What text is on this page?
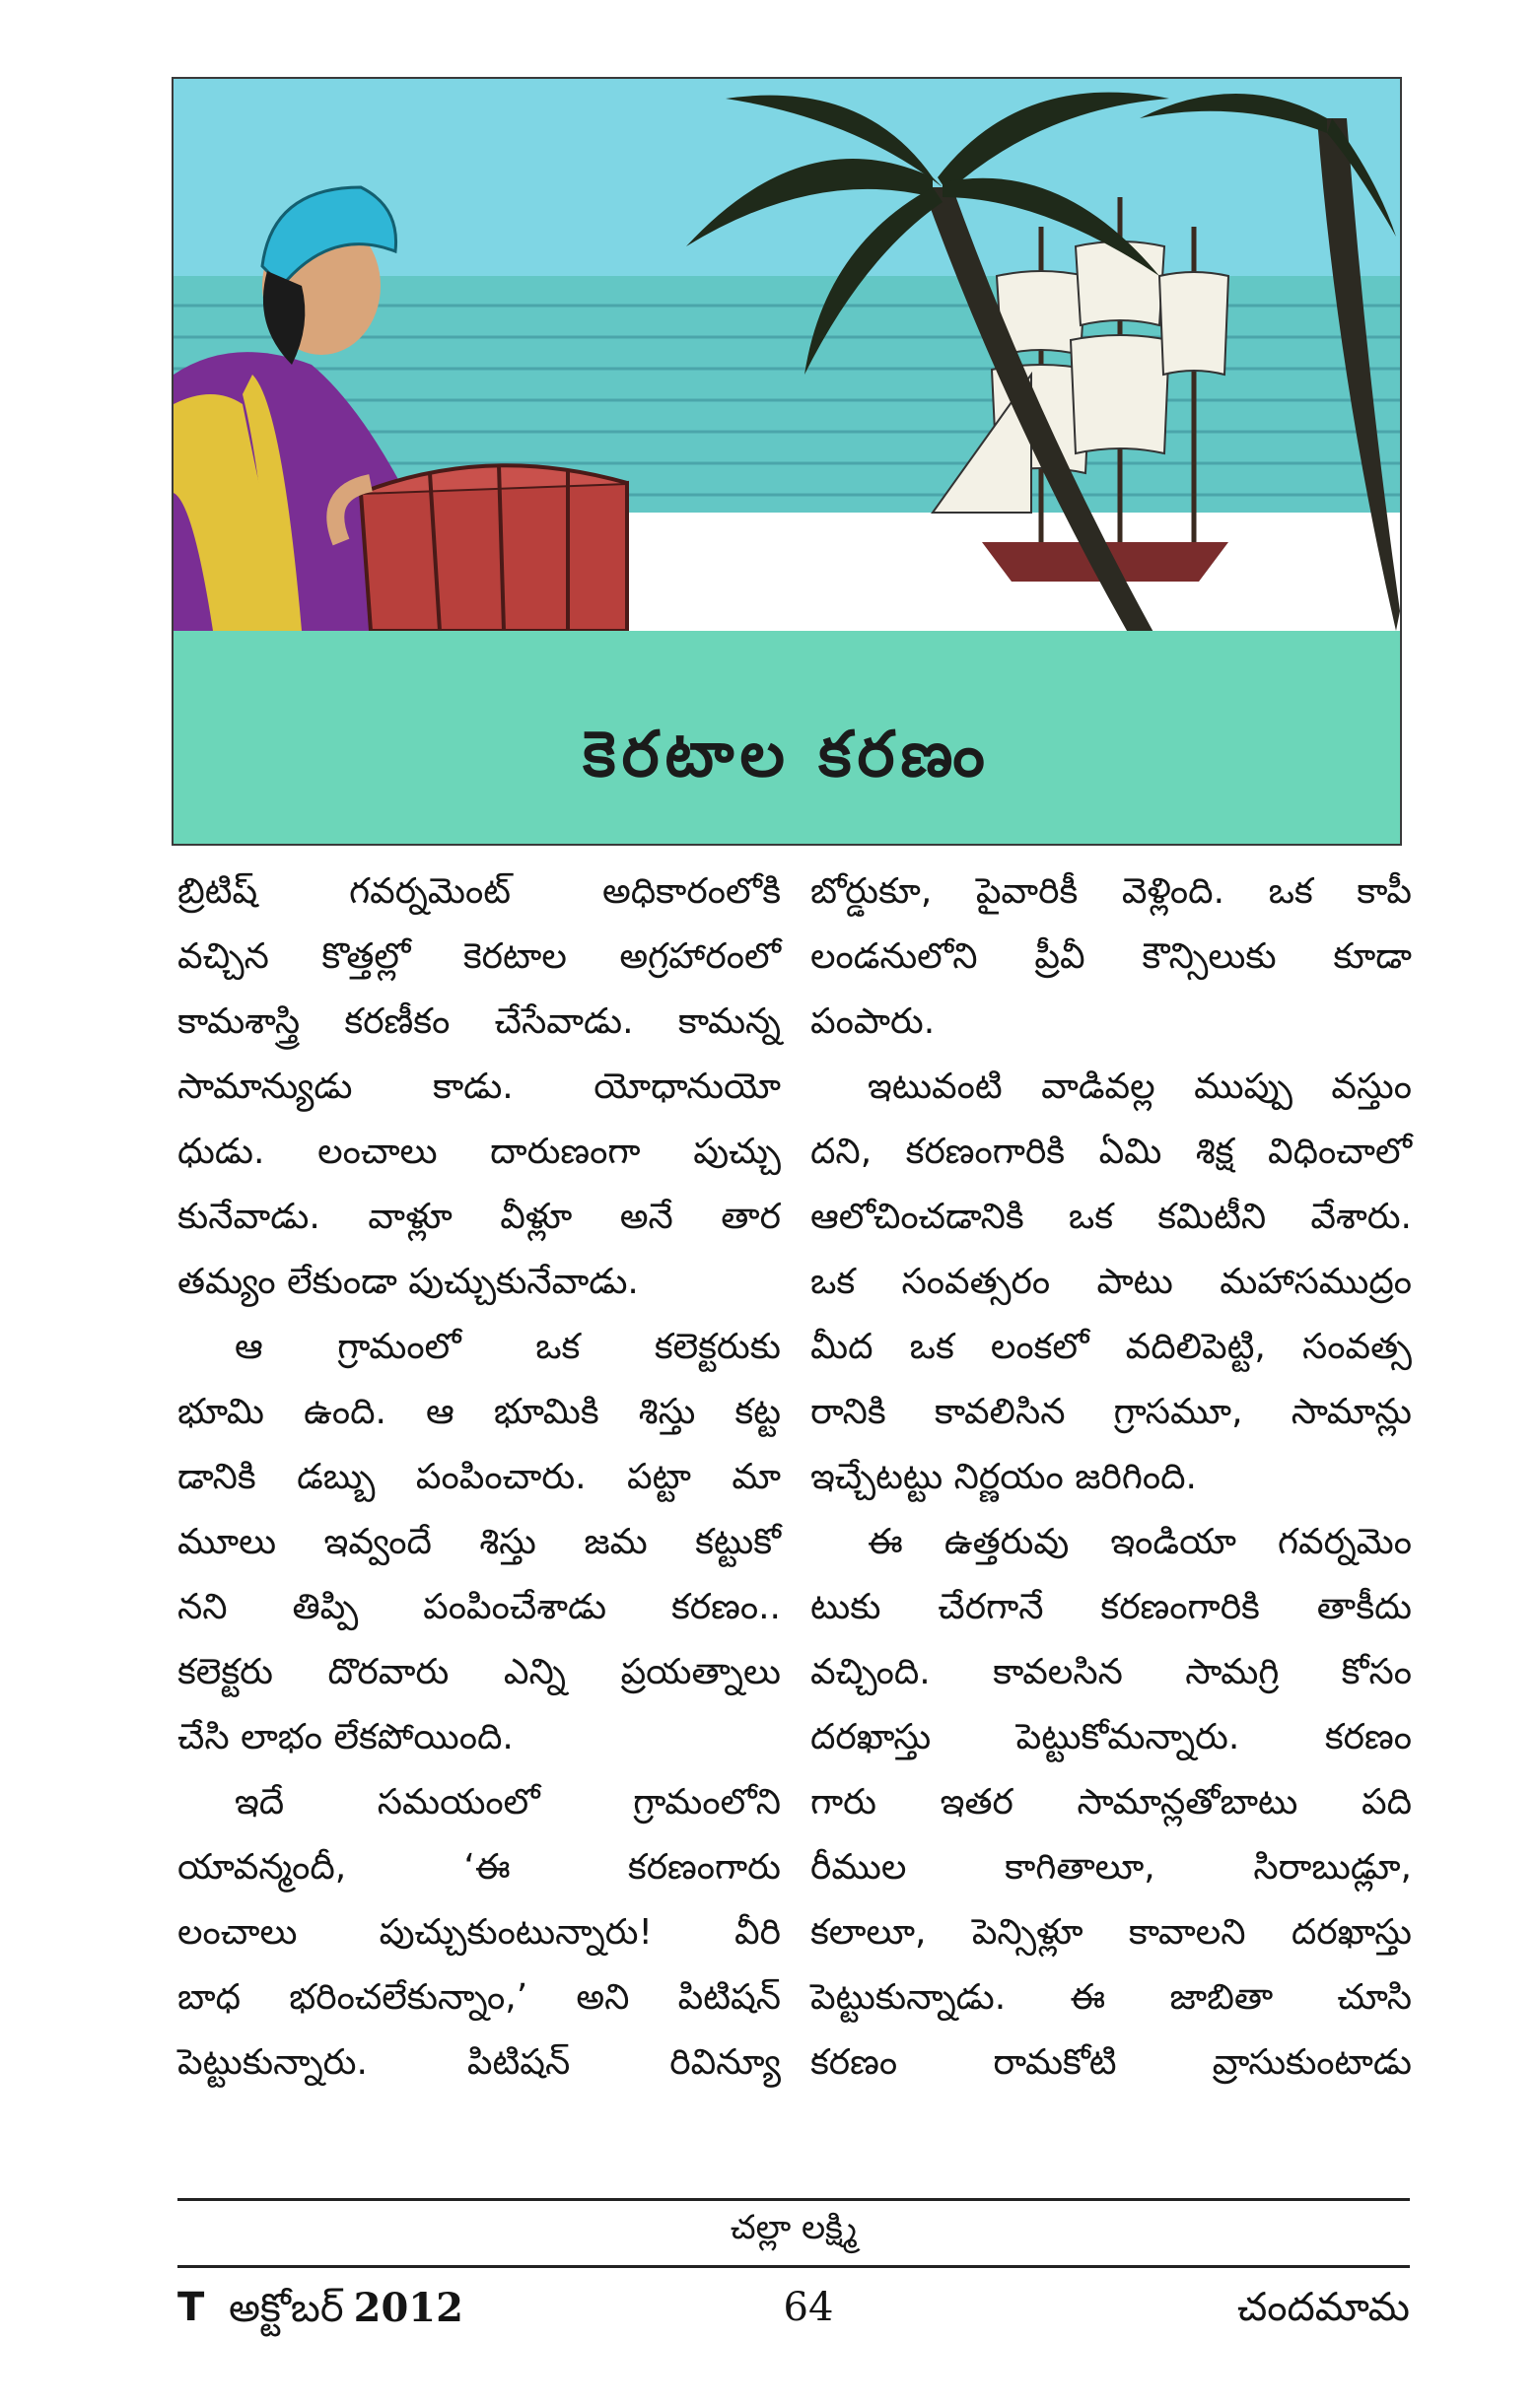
కెరటాల కరణం

బ్రిటిష్ గవర్నమెంట్ అధికారంలోకి

వచ్చిన కొత్తల్లో కెరటాల అగ్రహారంలో

కామశాస్త్రి కరణీకం చేసేవాడు. కామన్న

సామాన్యుడు కాడు. యోధానుయో

ధుడు. లంచాలు దారుణంగా పుచ్చు

కునేవాడు. వాళ్లూ వీళ్లూ అనే తార

తమ్యం లేకుండా పుచ్చుకునేవాడు.

ఆ గ్రామంలో ఒక కలెక్టరుకు

భూమి ఉంది. ఆ భూమికి శిస్తు కట్ట

డానికి డబ్బు పంపించారు. పట్టా మా

మూలు ఇవ్వందే శిస్తు జమ కట్టుకో

నని తిప్పి పంపించేశాడు కరణం..

కలెక్టరు దొరవారు ఎన్ని ప్రయత్నాలు

చేసి లాభం లేకపోయింది.

ఇదే సమయంలో గ్రామంలోని

యావన్మందీ, ‘ఈ కరణంగారు

లంచాలు పుచ్చుకుంటున్నారు! వీరి

బాధ భరించలేకున్నాం,’ అని పిటిషన్

పెట్టుకున్నారు. పిటిషన్ రివిన్యూ

బోర్డుకూ, పైవారికీ వెళ్లింది. ఒక కాపీ

లండనులోని ప్రీవీ కౌన్సిలుకు కూడా

పంపారు.

ఇటువంటి వాడివల్ల ముప్పు వస్తుం

దని, కరణంగారికి ఏమి శిక్ష విధించాలో

ఆలోచించడానికి ఒక కమిటీని వేశారు.

ఒక సంవత్సరం పాటు మహాసముద్రం

మీద ఒక లంకలో వదిలిపెట్టి, సంవత్స

రానికి కావలిసిన గ్రాసమూ, సామాన్లు

ఇచ్చేటట్టు నిర్ణయం జరిగింది.

ఈ ఉత్తరువు ఇండియా గవర్నమెం

టుకు చేరగానే కరణంగారికి తాకీదు

వచ్చింది. కావలసిన సామగ్రి కోసం

దరఖాస్తు పెట్టుకోమన్నారు. కరణం

గారు ఇతర సామాన్లతోబాటు పది

రీముల కాగితాలూ, సిరాబుడ్లూ,

కలాలూ, పెన్సిళ్లూ కావాలని దరఖాస్తు

పెట్టుకున్నాడు. ఈ జాబితా చూసి

కరణం రామకోటి వ్రాసుకుంటాడు

చల్లా లక్ష్మి
T అక్టోబర్ 2012	64	చందమామ
